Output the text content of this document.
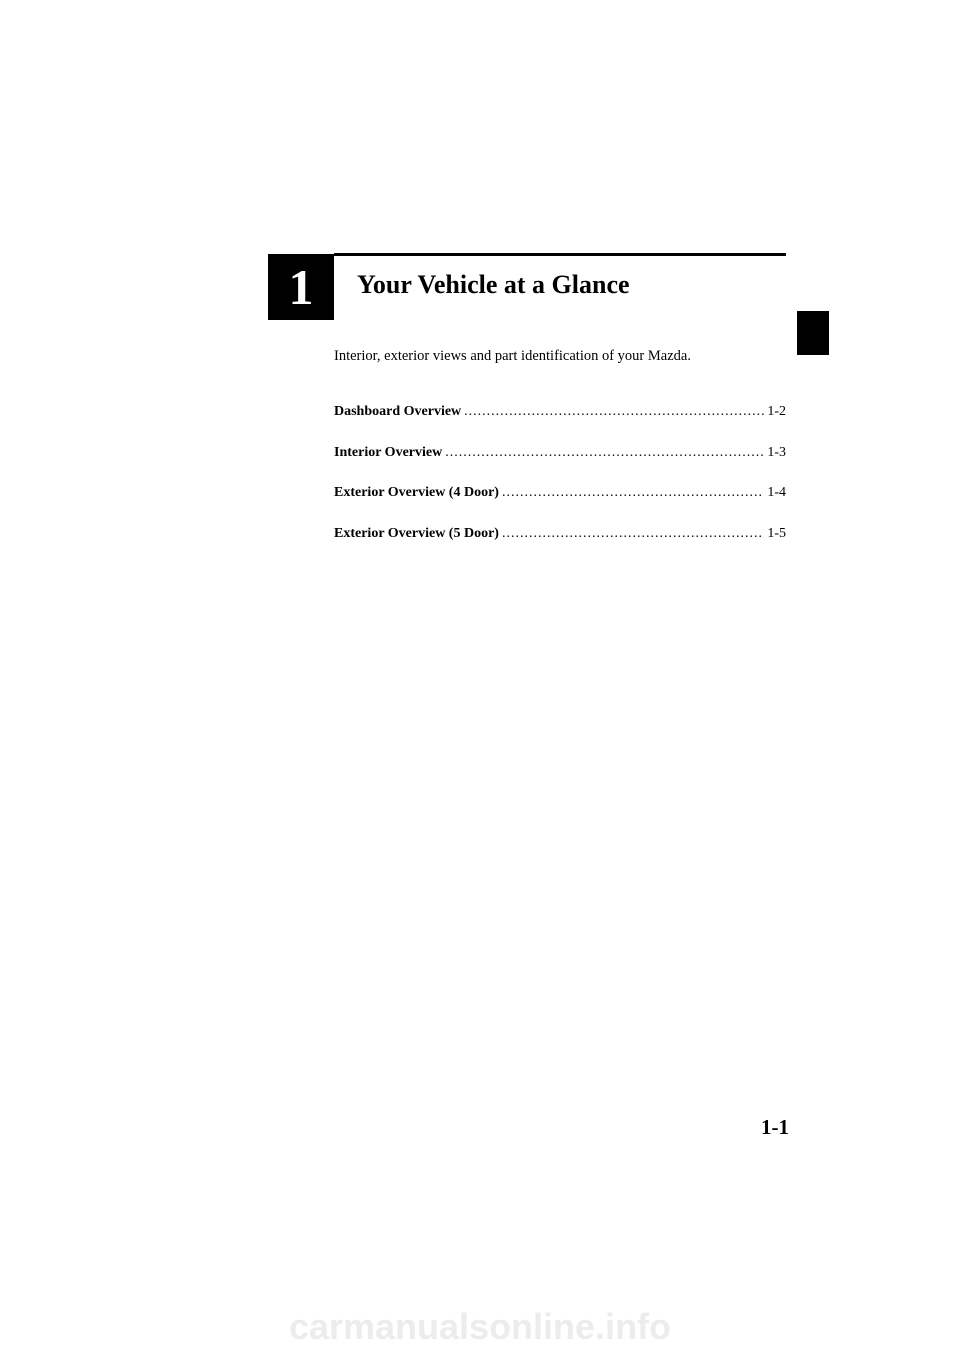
1 Your Vehicle at a Glance
Interior, exterior views and part identification of your Mazda.
Dashboard Overview .....	1-2
Interior Overview .....	1-3
Exterior Overview (4 Door) .....	1-4
Exterior Overview (5 Door) .....	1-5
1-1
carmanualsonline.info
